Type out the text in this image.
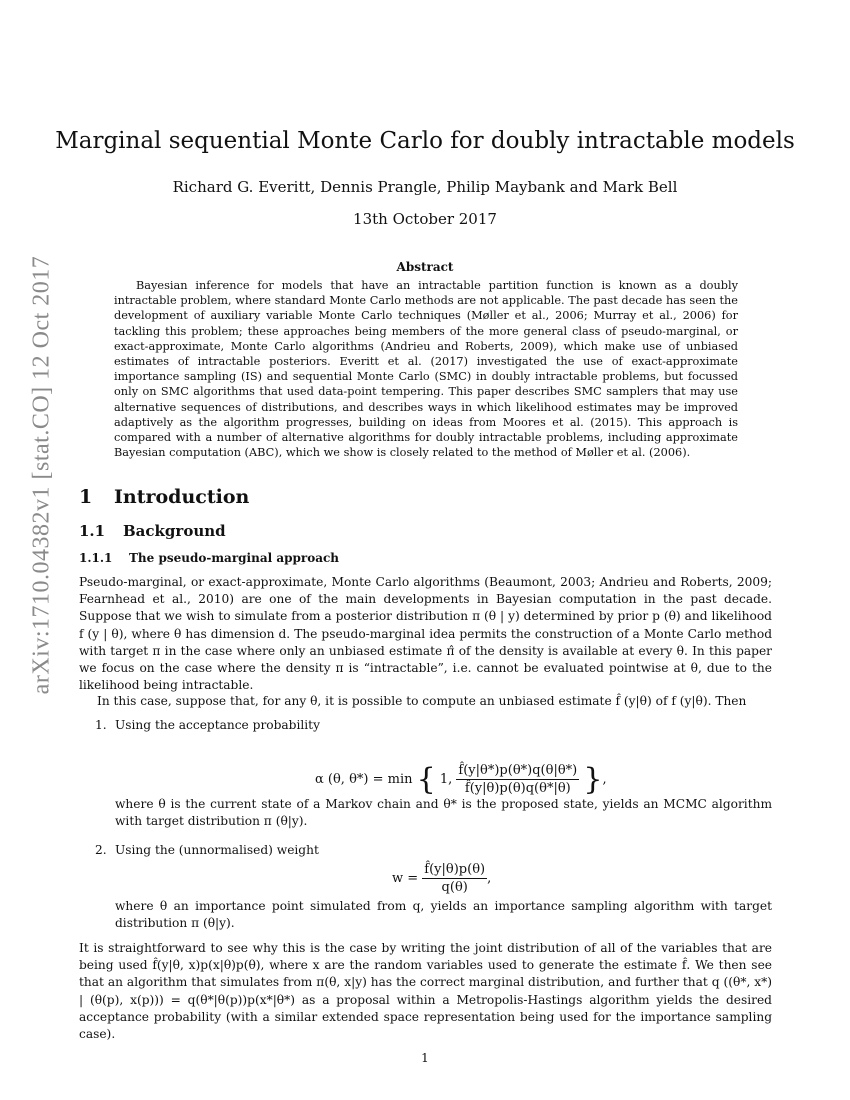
arXiv:1710.04382v1 [stat.CO] 12 Oct 2017
Marginal sequential Monte Carlo for doubly intractable models
Richard G. Everitt, Dennis Prangle, Philip Maybank and Mark Bell
13th October 2017
Abstract

Bayesian inference for models that have an intractable partition function is known as a doubly intractable problem, where standard Monte Carlo methods are not applicable. The past decade has seen the development of auxiliary variable Monte Carlo techniques (Møller et al., 2006; Murray et al., 2006) for tackling this problem; these approaches being members of the more general class of pseudo-marginal, or exact-approximate, Monte Carlo algorithms (Andrieu and Roberts, 2009), which make use of unbiased estimates of intractable posteriors. Everitt et al. (2017) investigated the use of exact-approximate importance sampling (IS) and sequential Monte Carlo (SMC) in doubly intractable problems, but focussed only on SMC algorithms that used data-point tempering. This paper describes SMC samplers that may use alternative sequences of distributions, and describes ways in which likelihood estimates may be improved adaptively as the algorithm progresses, building on ideas from Moores et al. (2015). This approach is compared with a number of alternative algorithms for doubly intractable problems, including approximate Bayesian computation (ABC), which we show is closely related to the method of Møller et al. (2006).

1 Introduction
1.1 Background
1.1.1 The pseudo-marginal approach

Pseudo-marginal, or exact-approximate, Monte Carlo algorithms (Beaumont, 2003; Andrieu and Roberts, 2009; Fearnhead et al., 2010) are one of the main developments in Bayesian computation in the past decade. Suppose that we wish to simulate from a posterior distribution π (θ | y) determined by prior p (θ) and likelihood f (y | θ), where θ has dimension d. The pseudo-marginal idea permits the construction of a Monte Carlo method with target π in the case where only an unbiased estimate π̂ of the density is available at every θ. In this paper we focus on the case where the density π is “intractable”, i.e. cannot be evaluated pointwise at θ, due to the likelihood being intractable.

In this case, suppose that, for any θ, it is possible to compute an unbiased estimate f̂ (y|θ) of f (y|θ). Then

1. Using the acceptance probability
α (θ, θ*) = min { 1, $\frac{f̂(y|\theta*)p(\theta*)q(\theta|\theta*)}{f̂(y|\theta)p(\theta)q(\theta*|\theta)}$ },
where θ is the current state of a Markov chain and θ* is the proposed state, yields an MCMC algorithm with target distribution π (θ|y).
2. Using the (unnormalised) weight
$w = \frac{f̂(y|\theta)p(\theta)}{q(\theta)}$ ,
where θ an importance point simulated from q, yields an importance sampling algorithm with target distribution π (θ|y).

It is straightforward to see why this is the case by writing the joint distribution of all of the variables that are being used f̂(y|θ, x)p(x|θ)p(θ), where x are the random variables used to generate the estimate f̂. We then see that an algorithm that simulates from π(θ, x|y) has the correct marginal distribution, and further that q ((θ*, x*) | (θ(p), x(p))) = q(θ*|θ(p))p(x*|θ*) as a proposal within a Metropolis-Hastings algorithm yields the desired acceptance probability (with a similar extended space representation being used for the importance sampling case).

1
